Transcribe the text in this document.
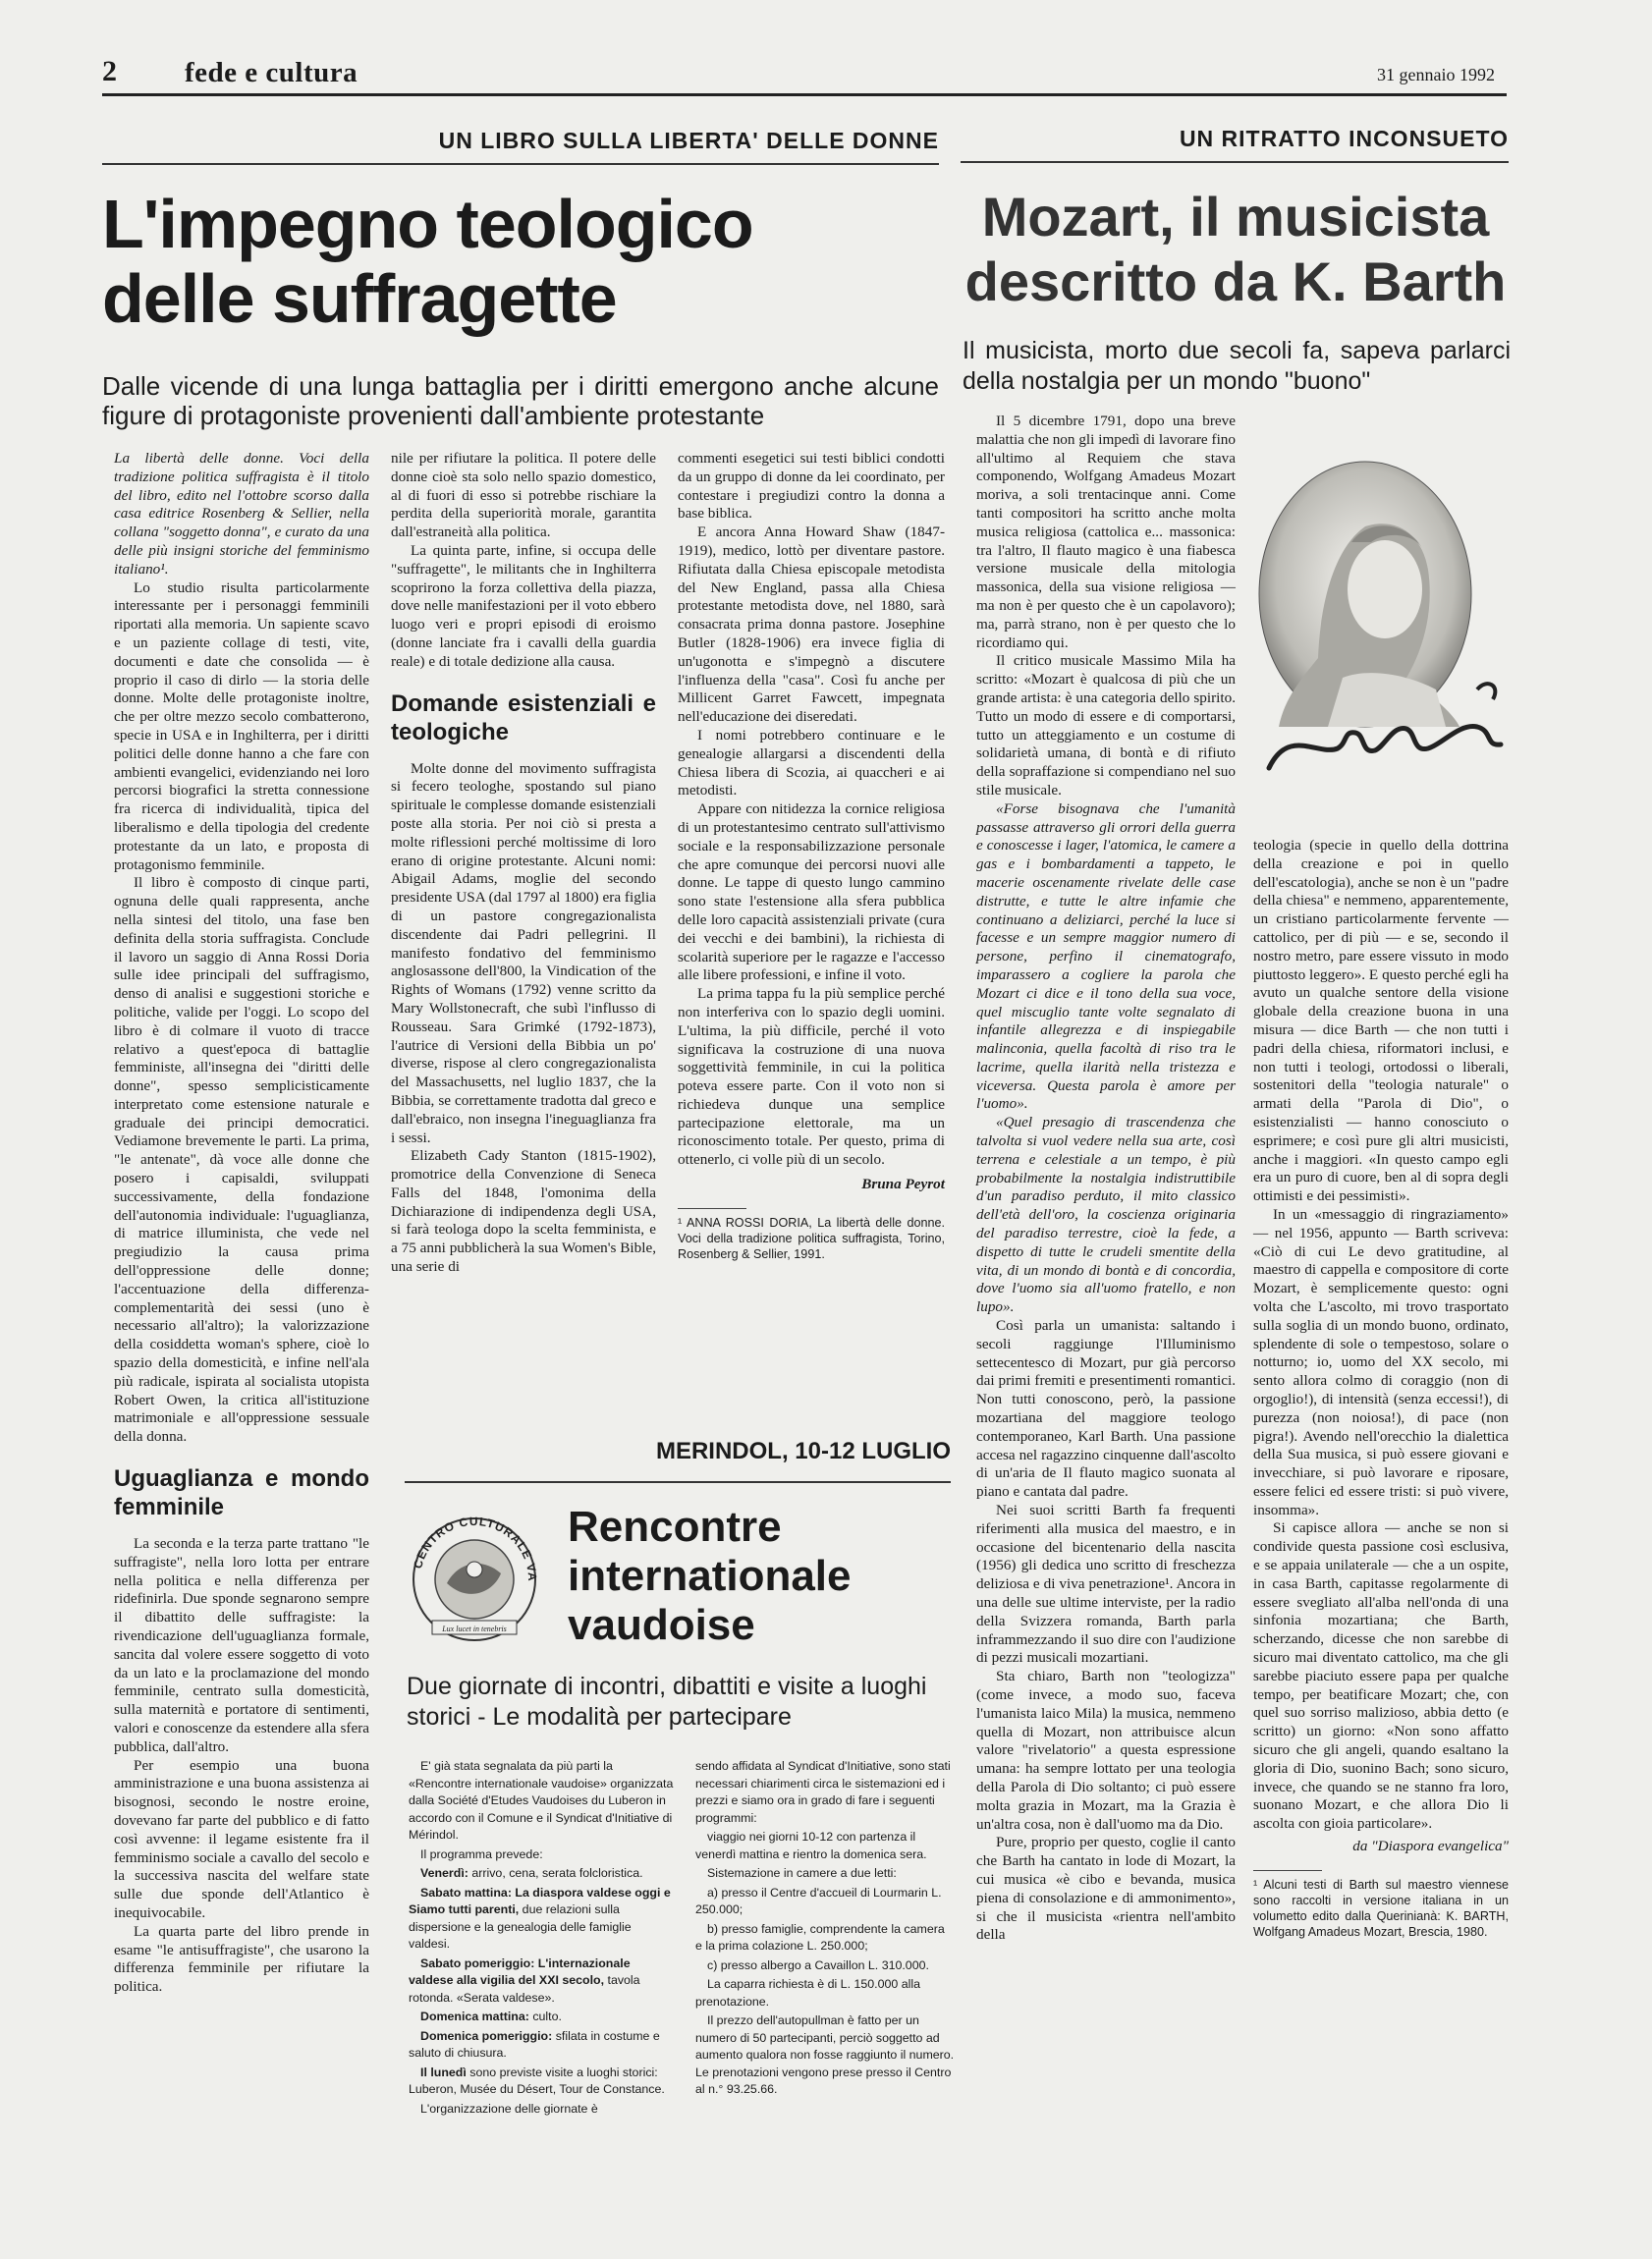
2 fede e cultura	31 gennaio 1992
UN LIBRO SULLA LIBERTA' DELLE DONNE
L'impegno teologico
delle suffragette
Dalle vicende di una lunga battaglia per i diritti emergono anche alcune figure di protagoniste provenienti dall'ambiente protestante

La libertà delle donne. Voci della tradizione politica suffragista è il titolo del libro, edito nel l'ottobre scorso dalla casa editrice Rosenberg & Sellier, nella collana "soggetto donna", e curato da una delle più insigni storiche del femminismo italiano¹.

Lo studio risulta particolarmente interessante per i personaggi femminili riportati alla memoria. Un sapiente scavo e un paziente collage di testi, vite, documenti e date che consolida — è proprio il caso di dirlo — la storia delle donne. Molte delle protagoniste inoltre, che per oltre mezzo secolo combatterono, specie in USA e in Inghilterra, per i diritti politici delle donne hanno a che fare con ambienti evangelici, evidenziando nei loro percorsi biografici la stretta connessione fra ricerca di individualità, tipica del liberalismo e della tipologia del credente protestante da un lato, e proposta di protagonismo femminile.

Il libro è composto di cinque parti, ognuna delle quali rappresenta, anche nella sintesi del titolo, una fase ben definita della storia suffragista. Conclude il lavoro un saggio di Anna Rossi Doria sulle idee principali del suffragismo, denso di analisi e suggestioni storiche e politiche, valide per l'oggi. Lo scopo del libro è di colmare il vuoto di tracce relativo a quest'epoca di battaglie femministe, all'insegna dei "diritti delle donne", spesso semplicisticamente interpretato come estensione naturale e graduale dei principi democratici. Vediamone brevemente le parti. La prima, "le antenate", dà voce alle donne che posero i capisaldi, sviluppati successivamente, della fondazione dell'autonomia individuale: l'uguaglianza, di matrice illuminista, che vede nel pregiudizio la causa prima dell'oppressione delle donne; l'accentuazione della differenza-complementarità dei sessi (uno è necessario all'altro); la valorizzazione della cosiddetta woman's sphere, cioè lo spazio della domesticità, e infine nell'ala più radicale, ispirata al socialista utopista Robert Owen, la critica all'istituzione matrimoniale e all'oppressione sessuale della donna.

Uguaglianza e mondo femminile

La seconda e la terza parte trattano "le suffragiste", nella loro lotta per entrare nella politica e nella differenza per ridefinirla. Due sponde segnarono sempre il dibattito delle suffragiste: la rivendicazione dell'uguaglianza formale, sancita dal volere essere soggetto di voto da un lato e la proclamazione del mondo femminile, centrato sulla domesticità, sulla maternità e portatore di sentimenti, valori e conoscenze da estendere alla sfera pubblica, dall'altro.

Per esempio una buona amministrazione e una buona assistenza ai bisognosi, secondo le nostre eroine, dovevano far parte del pubblico e di fatto così avvenne: il legame esistente fra il femminismo sociale a cavallo del secolo e la successiva nascita del welfare state sulle due sponde dell'Atlantico è inequivocabile.

La quarta parte del libro prende in esame "le antisuffragiste", che usarono la differenza femminile per rifiutare la politica.

nile per rifiutare la politica. Il potere delle donne cioè sta solo nello spazio domestico, al di fuori di esso si potrebbe rischiare la perdita della superiorità morale, garantita dall'estraneità alla politica.

La quinta parte, infine, si occupa delle "suffragette", le militants che in Inghilterra scoprirono la forza collettiva della piazza, dove nelle manifestazioni per il voto ebbero luogo veri e propri episodi di eroismo (donne lanciate fra i cavalli della guardia reale) e di totale dedizione alla causa.

Domande esistenziali e teologiche

Molte donne del movimento suffragista si fecero teologhe, spostando sul piano spirituale le complesse domande esistenziali poste alla storia. Per noi ciò si presta a molte riflessioni perché moltissime di loro erano di origine protestante. Alcuni nomi: Abigail Adams, moglie del secondo presidente USA (dal 1797 al 1800) era figlia di un pastore congregazionalista discendente dai Padri pellegrini. Il manifesto fondativo del femminismo anglosassone dell'800, la Vindication of the Rights of Womans (1792) venne scritto da Mary Wollstonecraft, che subì l'influsso di Rousseau. Sara Grimké (1792-1873), l'autrice di Versioni della Bibbia un po' diverse, rispose al clero congregazionalista del Massachusetts, nel luglio 1837, che la Bibbia, se correttamente tradotta dal greco e dall'ebraico, non insegna l'ineguaglianza fra i sessi.

Elizabeth Cady Stanton (1815-1902), promotrice della Convenzione di Seneca Falls del 1848, l'omonima della Dichiarazione di indipendenza degli USA, si farà teologa dopo la scelta femminista, e a 75 anni pubblicherà la sua Women's Bible, una serie di

commenti esegetici sui testi biblici condotti da un gruppo di donne da lei coordinato, per contestare i pregiudizi contro la donna a base biblica.

E ancora Anna Howard Shaw (1847-1919), medico, lottò per diventare pastore. Rifiutata dalla Chiesa episcopale metodista del New England, passa alla Chiesa protestante metodista dove, nel 1880, sarà consacrata prima donna pastore. Josephine Butler (1828-1906) era invece figlia di un'ugonotta e s'impegnò a discutere l'influenza della "casa". Così fu anche per Millicent Garret Fawcett, impegnata nell'educazione dei diseredati.

I nomi potrebbero continuare e le genealogie allargarsi a discendenti della Chiesa libera di Scozia, ai quaccheri e ai metodisti.

Appare con nitidezza la cornice religiosa di un protestantesimo centrato sull'attivismo sociale e la responsabilizzazione personale che apre comunque dei percorsi nuovi alle donne. Le tappe di questo lungo cammino sono state l'estensione alla sfera pubblica delle loro capacità assistenziali private (cura dei vecchi e dei bambini), la richiesta di scolarità superiore per le ragazze e l'accesso alle libere professioni, e infine il voto.

La prima tappa fu la più semplice perché non interferiva con lo spazio degli uomini. L'ultima, la più difficile, perché il voto significava la costruzione di una nuova soggettività femminile, in cui la politica poteva essere parte. Con il voto non si richiedeva dunque una semplice partecipazione elettorale, ma un riconoscimento totale. Per questo, prima di ottenerlo, ci volle più di un secolo.

Bruna Peyrot
¹ ANNA ROSSI DORIA, La libertà delle donne. Voci della tradizione politica suffragista, Torino, Rosenberg & Sellier, 1991.
UN RITRATTO INCONSUETO
Mozart, il musicista
descritto da K. Barth
Il musicista, morto due secoli fa, sapeva parlarci della nostalgia per un mondo "buono"

Il 5 dicembre 1791, dopo una breve malattia che non gli impedì di lavorare fino all'ultimo al Requiem che stava componendo, Wolfgang Amadeus Mozart moriva, a soli trentacinque anni. Come tanti compositori ha scritto anche molta musica religiosa (cattolica e... massonica: tra l'altro, Il flauto magico è una fiabesca versione musicale della mitologia massonica, della sua visione religiosa — ma non è per questo che è un capolavoro); ma, parrà strano, non è per questo che lo ricordiamo qui.

Il critico musicale Massimo Mila ha scritto: «Mozart è qualcosa di più che un grande artista: è una categoria dello spirito. Tutto un modo di essere e di comportarsi, tutto un atteggiamento e un costume di solidarietà umana, di bontà e di rifiuto della sopraffazione si compendiano nel suo stile musicale.

«Forse bisognava che l'umanità passasse attraverso gli orrori della guerra e conoscesse i lager, l'atomica, le camere a gas e i bombardamenti a tappeto, le macerie oscenamente rivelate delle case distrutte, e tutte le altre infamie che continuano a deliziarci, perché la luce si facesse e un sempre maggior numero di persone, perfino il cinematografo, imparassero a cogliere la parola che Mozart ci dice e il tono della sua voce, quel miscuglio tante volte segnalato di infantile allegrezza e di inspiegabile malinconia, quella facoltà di riso tra le lacrime, quella ilarità nella tristezza e viceversa. Questa parola è amore per l'uomo».

«Quel presagio di trascendenza che talvolta si vuol vedere nella sua arte, così terrena e celestiale a un tempo, è più probabilmente la nostalgia indistruttibile d'un paradiso perduto, il mito classico dell'età dell'oro, la coscienza originaria del paradiso terrestre, cioè la fede, a dispetto di tutte le crudeli smentite della vita, di un mondo di bontà e di concordia, dove l'uomo sia all'uomo fratello, e non lupo».

Così parla un umanista: saltando i secoli raggiunge l'Illuminismo settecentesco di Mozart, pur già percorso dai primi fremiti e presentimenti romantici. Non tutti conoscono, però, la passione mozartiana del maggiore teologo contemporaneo, Karl Barth. Una passione accesa nel ragazzino cinquenne dall'ascolto di un'aria de Il flauto magico suonata al piano e cantata dal padre.

Nei suoi scritti Barth fa frequenti riferimenti alla musica del maestro, e in occasione del bicentenario della nascita (1956) gli dedica uno scritto di freschezza deliziosa e di viva penetrazione¹. Ancora in una delle sue ultime interviste, per la radio della Svizzera romanda, Barth parla inframmezzando il suo dire con l'audizione di pezzi musicali mozartiani.

Sta chiaro, Barth non "teologizza" (come invece, a modo suo, faceva l'umanista laico Mila) la musica, nemmeno quella di Mozart, non attribuisce alcun valore "rivelatorio" a questa espressione umana: ha sempre lottato per una teologia della Parola di Dio soltanto; ci può essere molta grazia in Mozart, ma la Grazia è un'altra cosa, non è dall'uomo ma da Dio.

Pure, proprio per questo, coglie il canto che Barth ha cantato in lode di Mozart, la cui musica «è cibo e bevanda, musica piena di consolazione e di ammonimento», si che il musicista «rientra nell'ambito della

teologia (specie in quello della dottrina della creazione e poi in quello dell'escatologia), anche se non è un "padre della chiesa" e nemmeno, apparentemente, un cristiano particolarmente fervente — cattolico, per di più — e se, secondo il nostro metro, pare essere vissuto in modo piuttosto leggero». E questo perché egli ha avuto un qualche sentore della visione globale della creazione buona in una misura — dice Barth — che non tutti i padri della chiesa, riformatori inclusi, e non tutti i teologi, ortodossi o liberali, sostenitori della "teologia naturale" o armati della "Parola di Dio", o esistenzialisti — hanno conosciuto o esprimere; e così pure gli altri musicisti, anche i maggiori. «In questo campo egli era un puro di cuore, ben al di sopra degli ottimisti e dei pessimisti».

In un «messaggio di ringraziamento» — nel 1956, appunto — Barth scriveva: «Ciò di cui Le devo gratitudine, al maestro di cappella e compositore di corte Mozart, è semplicemente questo: ogni volta che L'ascolto, mi trovo trasportato sulla soglia di un mondo buono, ordinato, splendente di sole o tempestoso, solare o notturno; io, uomo del XX secolo, mi sento allora colmo di coraggio (non di orgoglio!), di intensità (senza eccessi!), di purezza (non noiosa!), di pace (non pigra!). Avendo nell'orecchio la dialettica della Sua musica, si può essere giovani e invecchiare, si può lavorare e riposare, essere felici ed essere tristi: si può vivere, insomma».

Si capisce allora — anche se non si condivide questa passione così esclusiva, e se appaia unilaterale — che a un ospite, in casa Barth, capitasse regolarmente di essere svegliato all'alba nell'onda di una sinfonia mozartiana; che Barth, scherzando, dicesse che non sarebbe di sicuro mai diventato cattolico, ma che gli sarebbe piaciuto essere papa per qualche tempo, per beatificare Mozart; che, con quel suo sorriso malizioso, abbia detto (e scritto) un giorno: «Non sono affatto sicuro che gli angeli, quando esaltano la gloria di Dio, suonino Bach; sono sicuro, invece, che quando se ne stanno fra loro, suonano Mozart, e che allora Dio li ascolta con gioia particolare».

da "Diaspora evangelica"
¹ Alcuni testi di Barth sul maestro viennese sono raccolti in versione italiana in un volumetto edito dalla Querinianà: K. BARTH, Wolfgang Amadeus Mozart, Brescia, 1980.
MERINDOL, 10-12 LUGLIO
CENTRO CULTURALE VA
Lux lucet in tenebris
Rencontre
internationale
vaudoise
Due giornate di incontri, dibattiti e visite a luoghi storici - Le modalità per partecipare

E' già stata segnalata da più parti la «Rencontre internationale vaudoise» organizzata dalla Société d'Etudes Vaudoises du Luberon in accordo con il Comune e il Syndicat d'Initiative di Mérindol.

Il programma prevede:

Venerdì: arrivo, cena, serata folcloristica.

Sabato mattina: La diaspora valdese oggi e Siamo tutti parenti, due relazioni sulla dispersione e la genealogia delle famiglie valdesi.

Sabato pomeriggio: L'internazionale valdese alla vigilia del XXI secolo, tavola rotonda. «Serata valdese».

Domenica mattina: culto.

Domenica pomeriggio: sfilata in costume e saluto di chiusura.

Il lunedì sono previste visite a luoghi storici: Luberon, Musée du Désert, Tour de Constance.

L'organizzazione delle giornate è

sendo affidata al Syndicat d'Initiative, sono stati necessari chiarimenti circa le sistemazioni ed i prezzi e siamo ora in grado di fare i seguenti programmi:

viaggio nei giorni 10-12 con partenza il venerdì mattina e rientro la domenica sera.

Sistemazione in camere a due letti:

a) presso il Centre d'accueil di Lourmarin L. 250.000;

b) presso famiglie, comprendente la camera e la prima colazione L. 250.000;

c) presso albergo a Cavaillon L. 310.000.

La caparra richiesta è di L. 150.000 alla prenotazione.

Il prezzo dell'autopullman è fatto per un numero di 50 partecipanti, perciò soggetto ad aumento qualora non fosse raggiunto il numero. Le prenotazioni vengono prese presso il Centro al n.° 93.25.66.
